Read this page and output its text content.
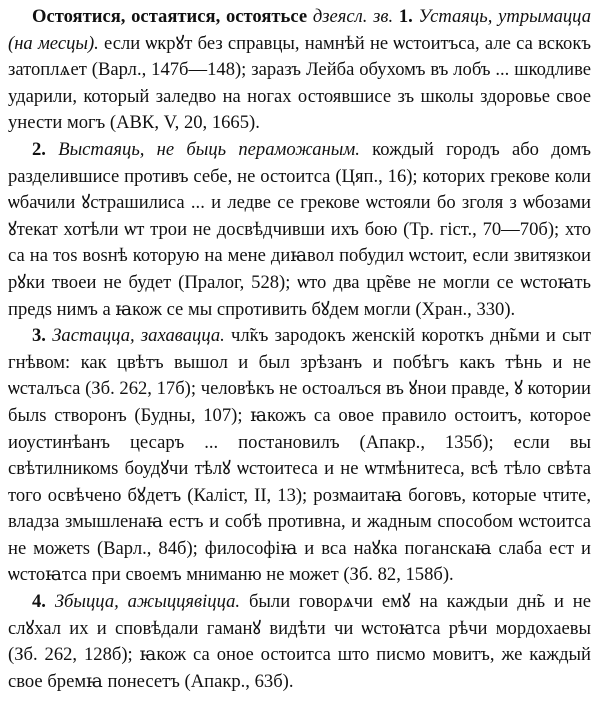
Остоятися, остаятися, остоятьсе дзеясл. зв. 1. Устаяць, утрымацца (на месцы). если ѡкрꙋт без справцы, намнѣй не ѡстоитъса, але са вскокъ затоплѧет (Варл., 147б—148); заразъ Лейба обухомъ въ лобъ ... шкодливе ударили, который заледво на ногах остоявшисе зъ школы здоровье свое унести могъ (АВК, V, 20, 1665).

2. Выстаяць, не быць пераможаным. кождый городъ або домъ разделившисе противъ себе, не остоитса (Цяп., 16); которих грекове коли ѡбачили ꙋстрашилиса ... и ледве се грекове ѡстояли бо зголя з ѡбозами ꙋтекат хотѣли ѡт трои не досвѣдчивши ихъ бою (Тр. гіст., 70—70б); хто са на тоѕ воѕнѣ которую на мене диꙗвол побудил ѡстоит, если звитязкои рꙋки твоеи не будет (Пралог, 528); ѡто два цр̃еве не могли се ѡстоꙗть предѕ нимъ а ꙗкож се мы спротивить бꙋдем могли (Хран., 330).

3. Застацца, захавацца. чл̃къ зародокъ женскій короткъ дн̃ьми и сыт гнѣвом: как цвѣтъ вышол и был зрѣзанъ и побѣгъ какъ тѣнь и не ѡсталъса (Зб. 262, 17б); человѣкъ не остоалъся въ ꙋнои правде, ꙋ котории былѕ створонъ (Будны, 107); ꙗкожъ са овое правило остоитъ, которое иоустинѣанъ цесаръ ... постановилъ (Апакр., 135б); если вы свѣтилникомѕ боудꙋчи тѣлꙋ ѡстоитеса и не ѡтмѣнитеса, всѣ тѣло свѣта того освѣчено бꙋдетъ (Каліст, II, 13); розмаитаꙗ боговъ, которые чтите, владза змышленаꙗ естъ и собѣ противна, и жадным способом ѡстоитса не можетѕ (Варл., 84б); философіꙗ и вса наꙋка поганскаꙗ слаба ест и ѡстоꙗтса при своемъ мниманю не может (Зб. 82, 158б).

4. Збыцца, ажыццявіцца. были говорѧчи емꙋ на каждыи дн̃ь и не слꙋхал их и сповѣдали гаманꙋ видѣти чи ѡстоꙗтса рѣчи мордохаевы (Зб. 262, 128б); ꙗкож са оное остоитса што писмо мовитъ, же каждый свое бремꙗ понесетъ (Апакр., 63б).
